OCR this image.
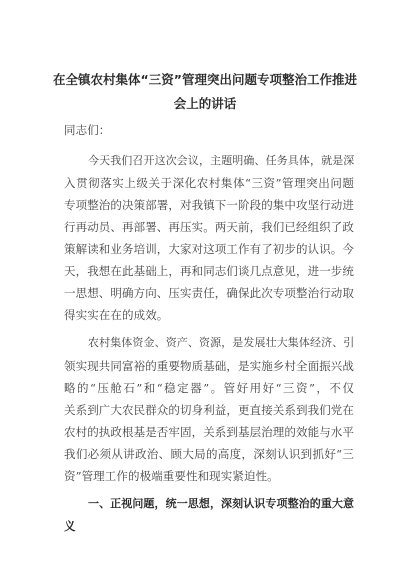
在全镇农村集体“三资”管理突出问题专项整治工作推进
会上的讲话
同志们：
今天我们召开这次会议，主题明确、任务具体，就是深
入贯彻落实上级关于深化农村集体“三资”管理突出问题
专项整治的决策部署，对我镇下一阶段的集中攻坚行动进
行再动员、再部署、再压实。两天前，我们已经组织了政
策解读和业务培训，大家对这项工作有了初步的认识。今
天，我想在此基础上，再和同志们谈几点意见，进一步统
一思想、明确方向、压实责任，确保此次专项整治行动取
得实实在在的成效。
农村集体资金、资产、资源，是发展壮大集体经济、引
领实现共同富裕的重要物质基础，是实施乡村全面振兴战
略的“压舱石”和“稳定器”。管好用好“三资”，不仅
关系到广大农民群众的切身利益，更直接关系到我们党在
农村的执政根基是否牢固，关系到基层治理的效能与水平
我们必须从讲政治、顾大局的高度，深刻认识到抓好“三
资”管理工作的极端重要性和现实紧迫性。
一、正视问题，统一思想，深刻认识专项整治的重大意
义
